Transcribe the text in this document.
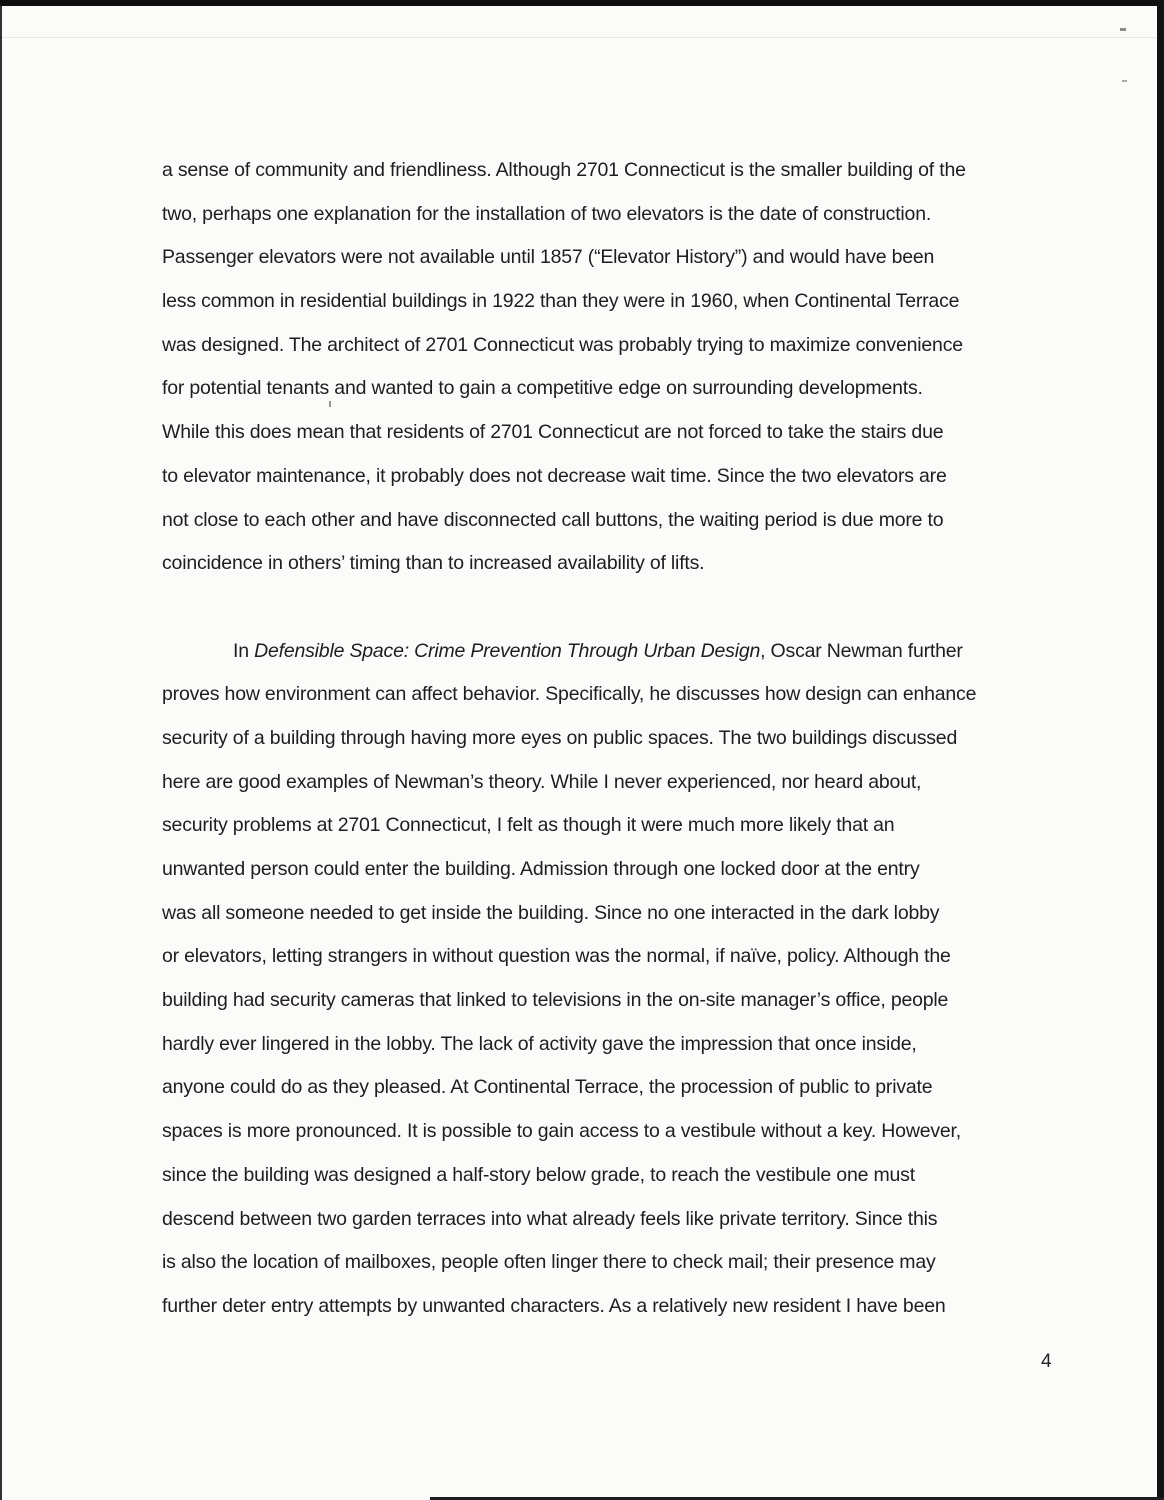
a sense of community and friendliness. Although 2701 Connecticut is the smaller building of the
two, perhaps one explanation for the installation of two elevators is the date of construction.
Passenger elevators were not available until 1857 (“Elevator History”) and would have been
less common in residential buildings in 1922 than they were in 1960, when Continental Terrace
was designed. The architect of 2701 Connecticut was probably trying to maximize convenience
for potential tenants and wanted to gain a competitive edge on surrounding developments.
While this does mean that residents of 2701 Connecticut are not forced to take the stairs due
to elevator maintenance, it probably does not decrease wait time. Since the two elevators are
not close to each other and have disconnected call buttons, the waiting period is due more to
coincidence in others’ timing than to increased availability of lifts.
In Defensible Space: Crime Prevention Through Urban Design, Oscar Newman further
proves how environment can affect behavior. Specifically, he discusses how design can enhance
security of a building through having more eyes on public spaces. The two buildings discussed
here are good examples of Newman’s theory. While I never experienced, nor heard about,
security problems at 2701 Connecticut, I felt as though it were much more likely that an
unwanted person could enter the building. Admission through one locked door at the entry
was all someone needed to get inside the building. Since no one interacted in the dark lobby
or elevators, letting strangers in without question was the normal, if naïve, policy. Although the
building had security cameras that linked to televisions in the on-site manager’s office, people
hardly ever lingered in the lobby. The lack of activity gave the impression that once inside,
anyone could do as they pleased. At Continental Terrace, the procession of public to private
spaces is more pronounced. It is possible to gain access to a vestibule without a key. However,
since the building was designed a half-story below grade, to reach the vestibule one must
descend between two garden terraces into what already feels like private territory. Since this
is also the location of mailboxes, people often linger there to check mail; their presence may
further deter entry attempts by unwanted characters. As a relatively new resident I have been
4
